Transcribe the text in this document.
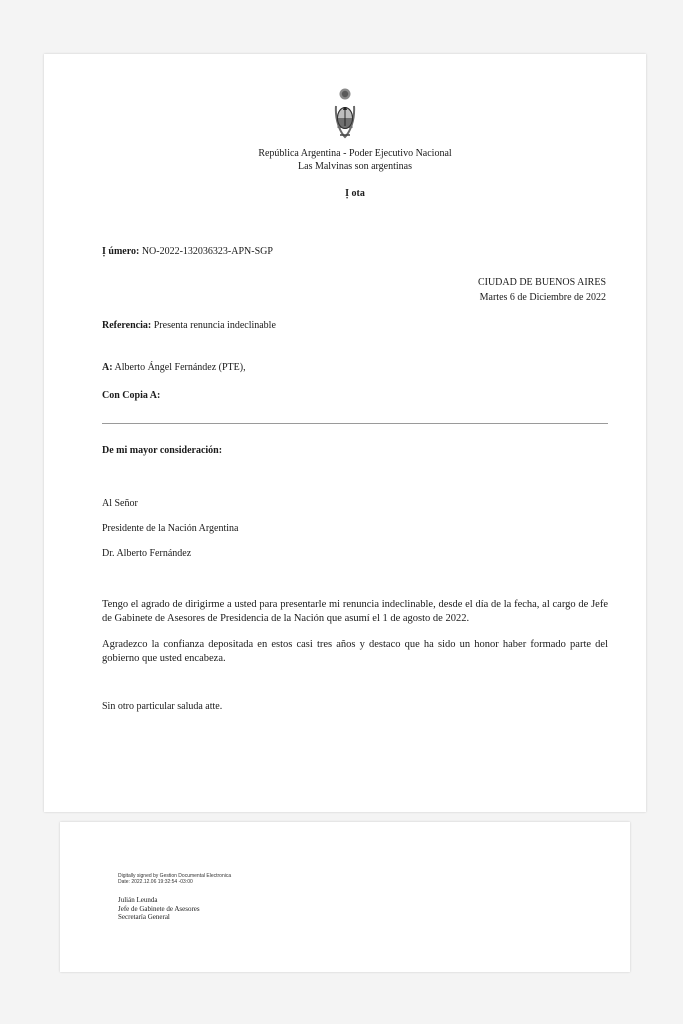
República Argentina - Poder Ejecutivo Nacional
Las Malvinas son argentinas
Ị ota
Ị úmero: NO-2022-132036323-APN-SGP
CIUDAD DE BUENOS AIRES
Martes 6 de Diciembre de 2022
Referencia: Presenta renuncia indeclinable
A: Alberto Ángel Fernández (PTE),
Con Copia A:
De mi mayor consideración:
Al Señor
Presidente de la Nación Argentina
Dr. Alberto Fernández
Tengo el agrado de dirigirme a usted para presentarle mi renuncia indeclinable, desde el día de la fecha, al cargo de Jefe de Gabinete de Asesores de Presidencia de la Nación que asumí el 1 de agosto de 2022.
Agradezco la confianza depositada en estos casi tres años y destaco que ha sido un honor haber formado parte del gobierno que usted encabeza.
Sin otro particular saluda atte.
Digitally signed by Gestion Documental Electronica
Date: 2022.12.06 19:32:54 -03:00
Julián Leunda
Jefe de Gabinete de Asesores
Secretaría General
